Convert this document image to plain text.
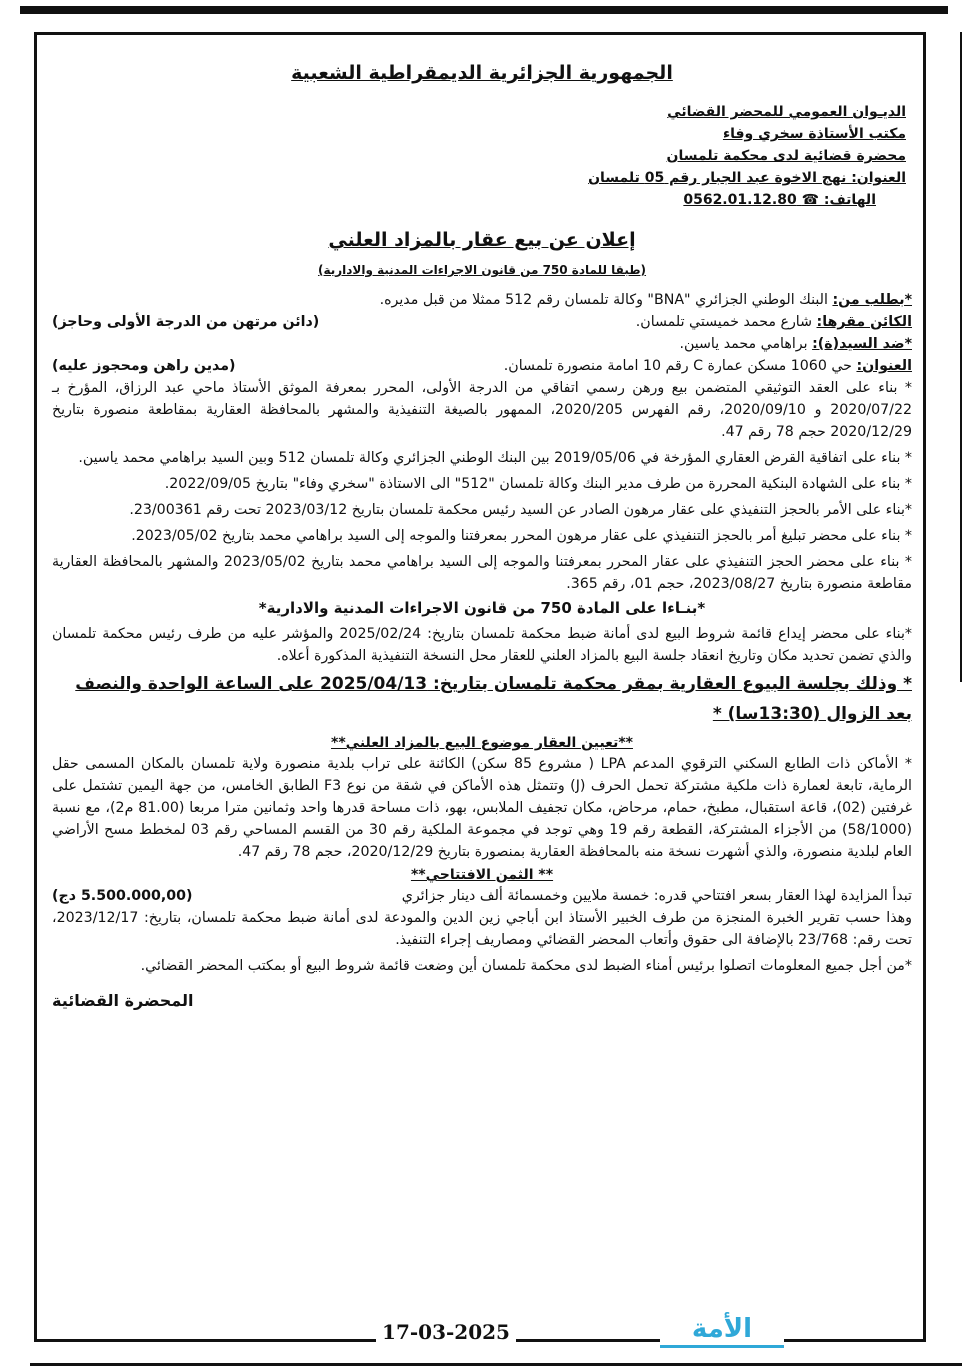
الجمهورية الجزائرية الديمقراطية الشعبية
الديـوان العمومي للمحضر القضائي
مكتب الأستاذة سخري وفاء
محضرة قضائية لدى محكمة تلمسان
العنوان: نهج الاخوة عبد الجبار رقم 05 تلمسان
الهاتف: ☎ 0562.01.12.80
إعلان عن بيع عقار بالمزاد العلني
(طبقا للمادة 750 من قانون الاجراءات المدنية والادارية)

*بطلب من: البنك الوطني الجزائري "BNA" وكالة تلمسان رقم 512 ممثلا من قبل مديره.

الكائن مقرها: شارع محمد خميستي تلمسان.
(دائن مرتهن من الدرجة الأولى وحاجز)

*ضد السيد(ة): براهامي محمد ياسين.

العنوان: حي 1060 مسكن عمارة C رقم 10 امامة منصورة تلمسان.
(مدين راهن ومحجوز عليه)

* بناء على العقد التوثيقي المتضمن بيع ورهن رسمي اتفاقي من الدرجة الأولى، المحرر بمعرفة الموثق الأستاذ ماحي عبد الرزاق، المؤرخ بـ 2020/07/22 و 2020/09/10، رقم الفهرس 2020/205، الممهور بالصيغة التنفيذية والمشهر بالمحافظة العقارية بمقاطعة منصورة بتاريخ 2020/12/29 حجم 78 رقم 47.

* بناء على اتفاقية القرض العقاري المؤرخة في 2019/05/06 بين البنك الوطني الجزائري وكالة تلمسان 512 وبين السيد براهامي محمد ياسين.

* بناء على الشهادة البنكية المحررة من طرف مدير البنك وكالة تلمسان "512" الى الاستاذة "سخري وفاء" بتاريخ 2022/09/05.

*بناء على الأمر بالحجز التنفيذي على عقار مرهون الصادر عن السيد رئيس محكمة تلمسان بتاريخ 2023/03/12 تحت رقم 23/00361.

* بناء على محضر تبليغ أمر بالحجز التنفيذي على عقار مرهون المحرر بمعرفتنا والموجه إلى السيد براهامي محمد بتاريخ 2023/05/02.

* بناء على محضر الحجز التنفيذي على عقار المحرر بمعرفتنا والموجه إلى السيد براهامي محمد بتاريخ 2023/05/02 والمشهر بالمحافظة العقارية مقاطعة منصورة بتاريخ 2023/08/27، حجم 01، رقم 365.

*بنـاءا على المادة 750 من قانون الاجراءات المدنية والادارية*

*بناء على محضر إيداع قائمة شروط البيع لدى أمانة ضبط محكمة تلمسان بتاريخ: 2025/02/24 والمؤشر عليه من طرف رئيس محكمة تلمسان والذي تضمن تحديد مكان وتاريخ انعقاد جلسة البيع بالمزاد العلني للعقار محل النسخة التنفيذية المذكورة أعلاه.

* وذلك بجلسة البيوع العقارية بمقر محكمة تلمسان بتاريخ: 2025/04/13 على الساعة الواحدة والنصف بعد الزوال (13:30سا) *
**تعيين العقار موضوع البيع بالمزاد العلني**

* الأماكن ذات الطابع السكني الترقوي المدعم LPA ( مشروع 85 سكن) الكائنة على تراب بلدية منصورة ولاية تلمسان بالمكان المسمى حقل الرماية، تابعة لعمارة ذات ملكية مشتركة تحمل الحرف (J) وتتمثل هذه الأماكن في شقة من نوع F3 الطابق الخامس، من جهة اليمين تشتمل على غرفتين (02)، قاعة استقبال، مطبخ، حمام، مرحاض، مكان تجفيف الملابس، بهو، ذات مساحة قدرها واحد وثمانين مترا مربعا (81.00 م2)، مع نسبة (58/1000) من الأجزاء المشتركة، القطعة رقم 19 وهي توجد في مجموعة الملكية رقم 30 من القسم المساحي رقم 03 لمخطط مسح الأراضي العام لبلدية منصورة، والذي أشهرت نسخة منه بالمحافظة العقارية بمنصورة بتاريخ 2020/12/29، حجم 78 رقم 47.

** الثمن الافتتاحي**
تبدأ المزايدة لهذا العقار بسعر افتتاحي قدره: خمسة ملايين وخمسمائة ألف دينار جزائري
(5.500.000,00 دج)

وهذا حسب تقرير الخبرة المنجزة من طرف الخبير الأستاذ ابن أباجي زين الدين والمودعة لدى أمانة ضبط محكمة تلمسان، بتاريخ: 2023/12/17، تحت رقم: 23/768 بالإضافة الى حقوق وأتعاب المحضر القضائي ومصاريف إجراء التنفيذ.

*من أجل جميع المعلومات اتصلوا برئيس أمناء الضبط لدى محكمة تلمسان أين وضعت قائمة شروط البيع أو بمكتب المحضر القضائي.

المحضرة القضائية
الأمة
17-03-2025
